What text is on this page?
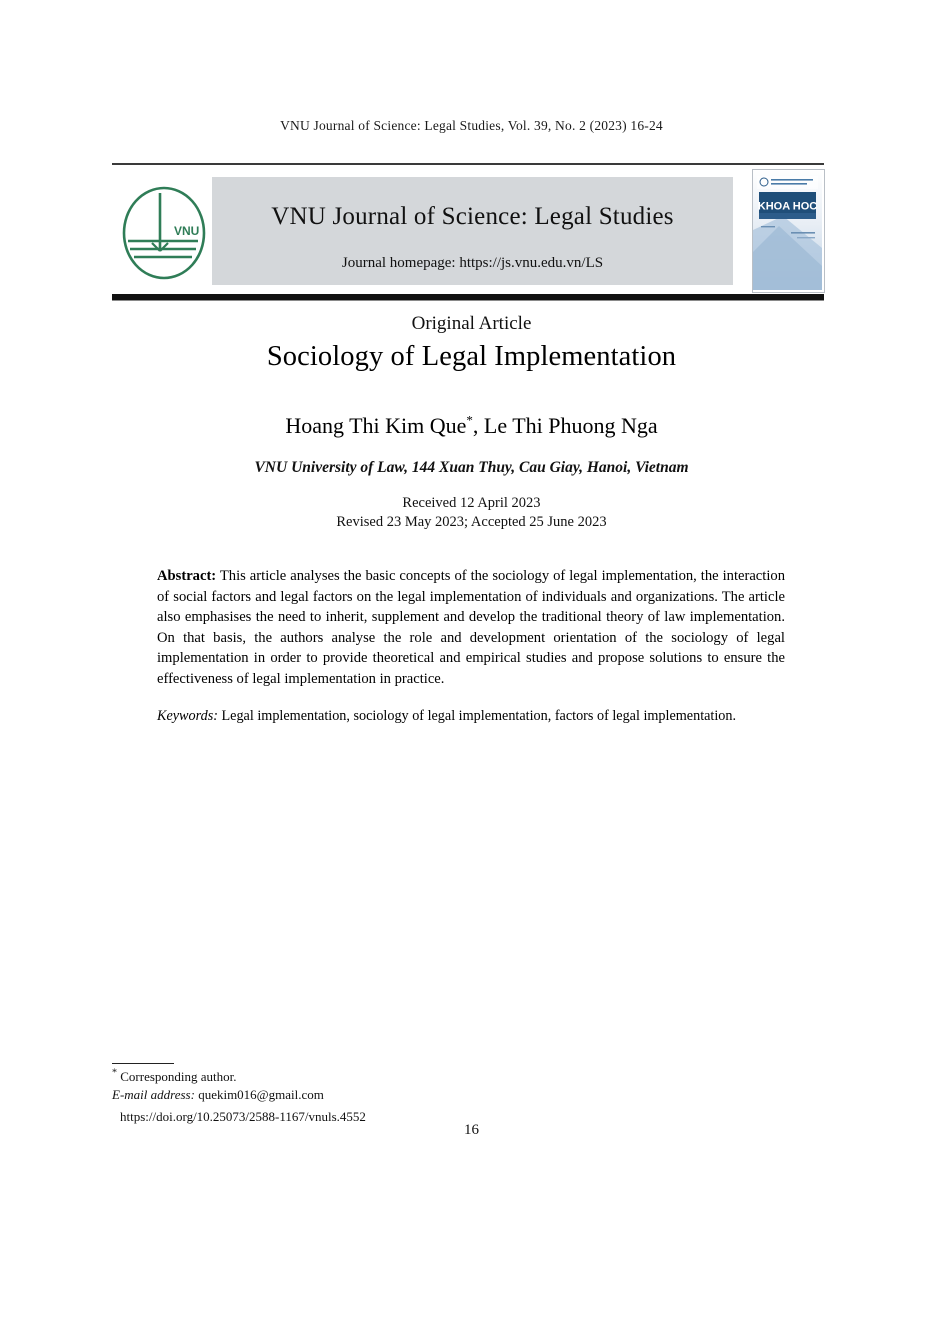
VNU Journal of Science: Legal Studies, Vol. 39, No. 2 (2023) 16-24
VNU
VNU Journal of Science: Legal Studies
Journal homepage: https://js.vnu.edu.vn/LS
KHOA HOC
Original Article
Sociology of Legal Implementation
Hoang Thi Kim Que*, Le Thi Phuong Nga
VNU University of Law, 144 Xuan Thuy, Cau Giay, Hanoi, Vietnam
Received 12 April 2023
Revised 23 May 2023; Accepted 25 June 2023
Abstract: This article analyses the basic concepts of the sociology of legal implementation, the interaction of social factors and legal factors on the legal implementation of individuals and organizations. The article also emphasises the need to inherit, supplement and develop the traditional theory of law implementation. On that basis, the authors analyse the role and development orientation of the sociology of legal implementation in order to provide theoretical and empirical studies and propose solutions to ensure the effectiveness of legal implementation in practice.
Keywords: Legal implementation, sociology of legal implementation, factors of legal implementation.
* Corresponding author.
E-mail address: quekim016@gmail.com
https://doi.org/10.25073/2588-1167/vnuls.4552
16
